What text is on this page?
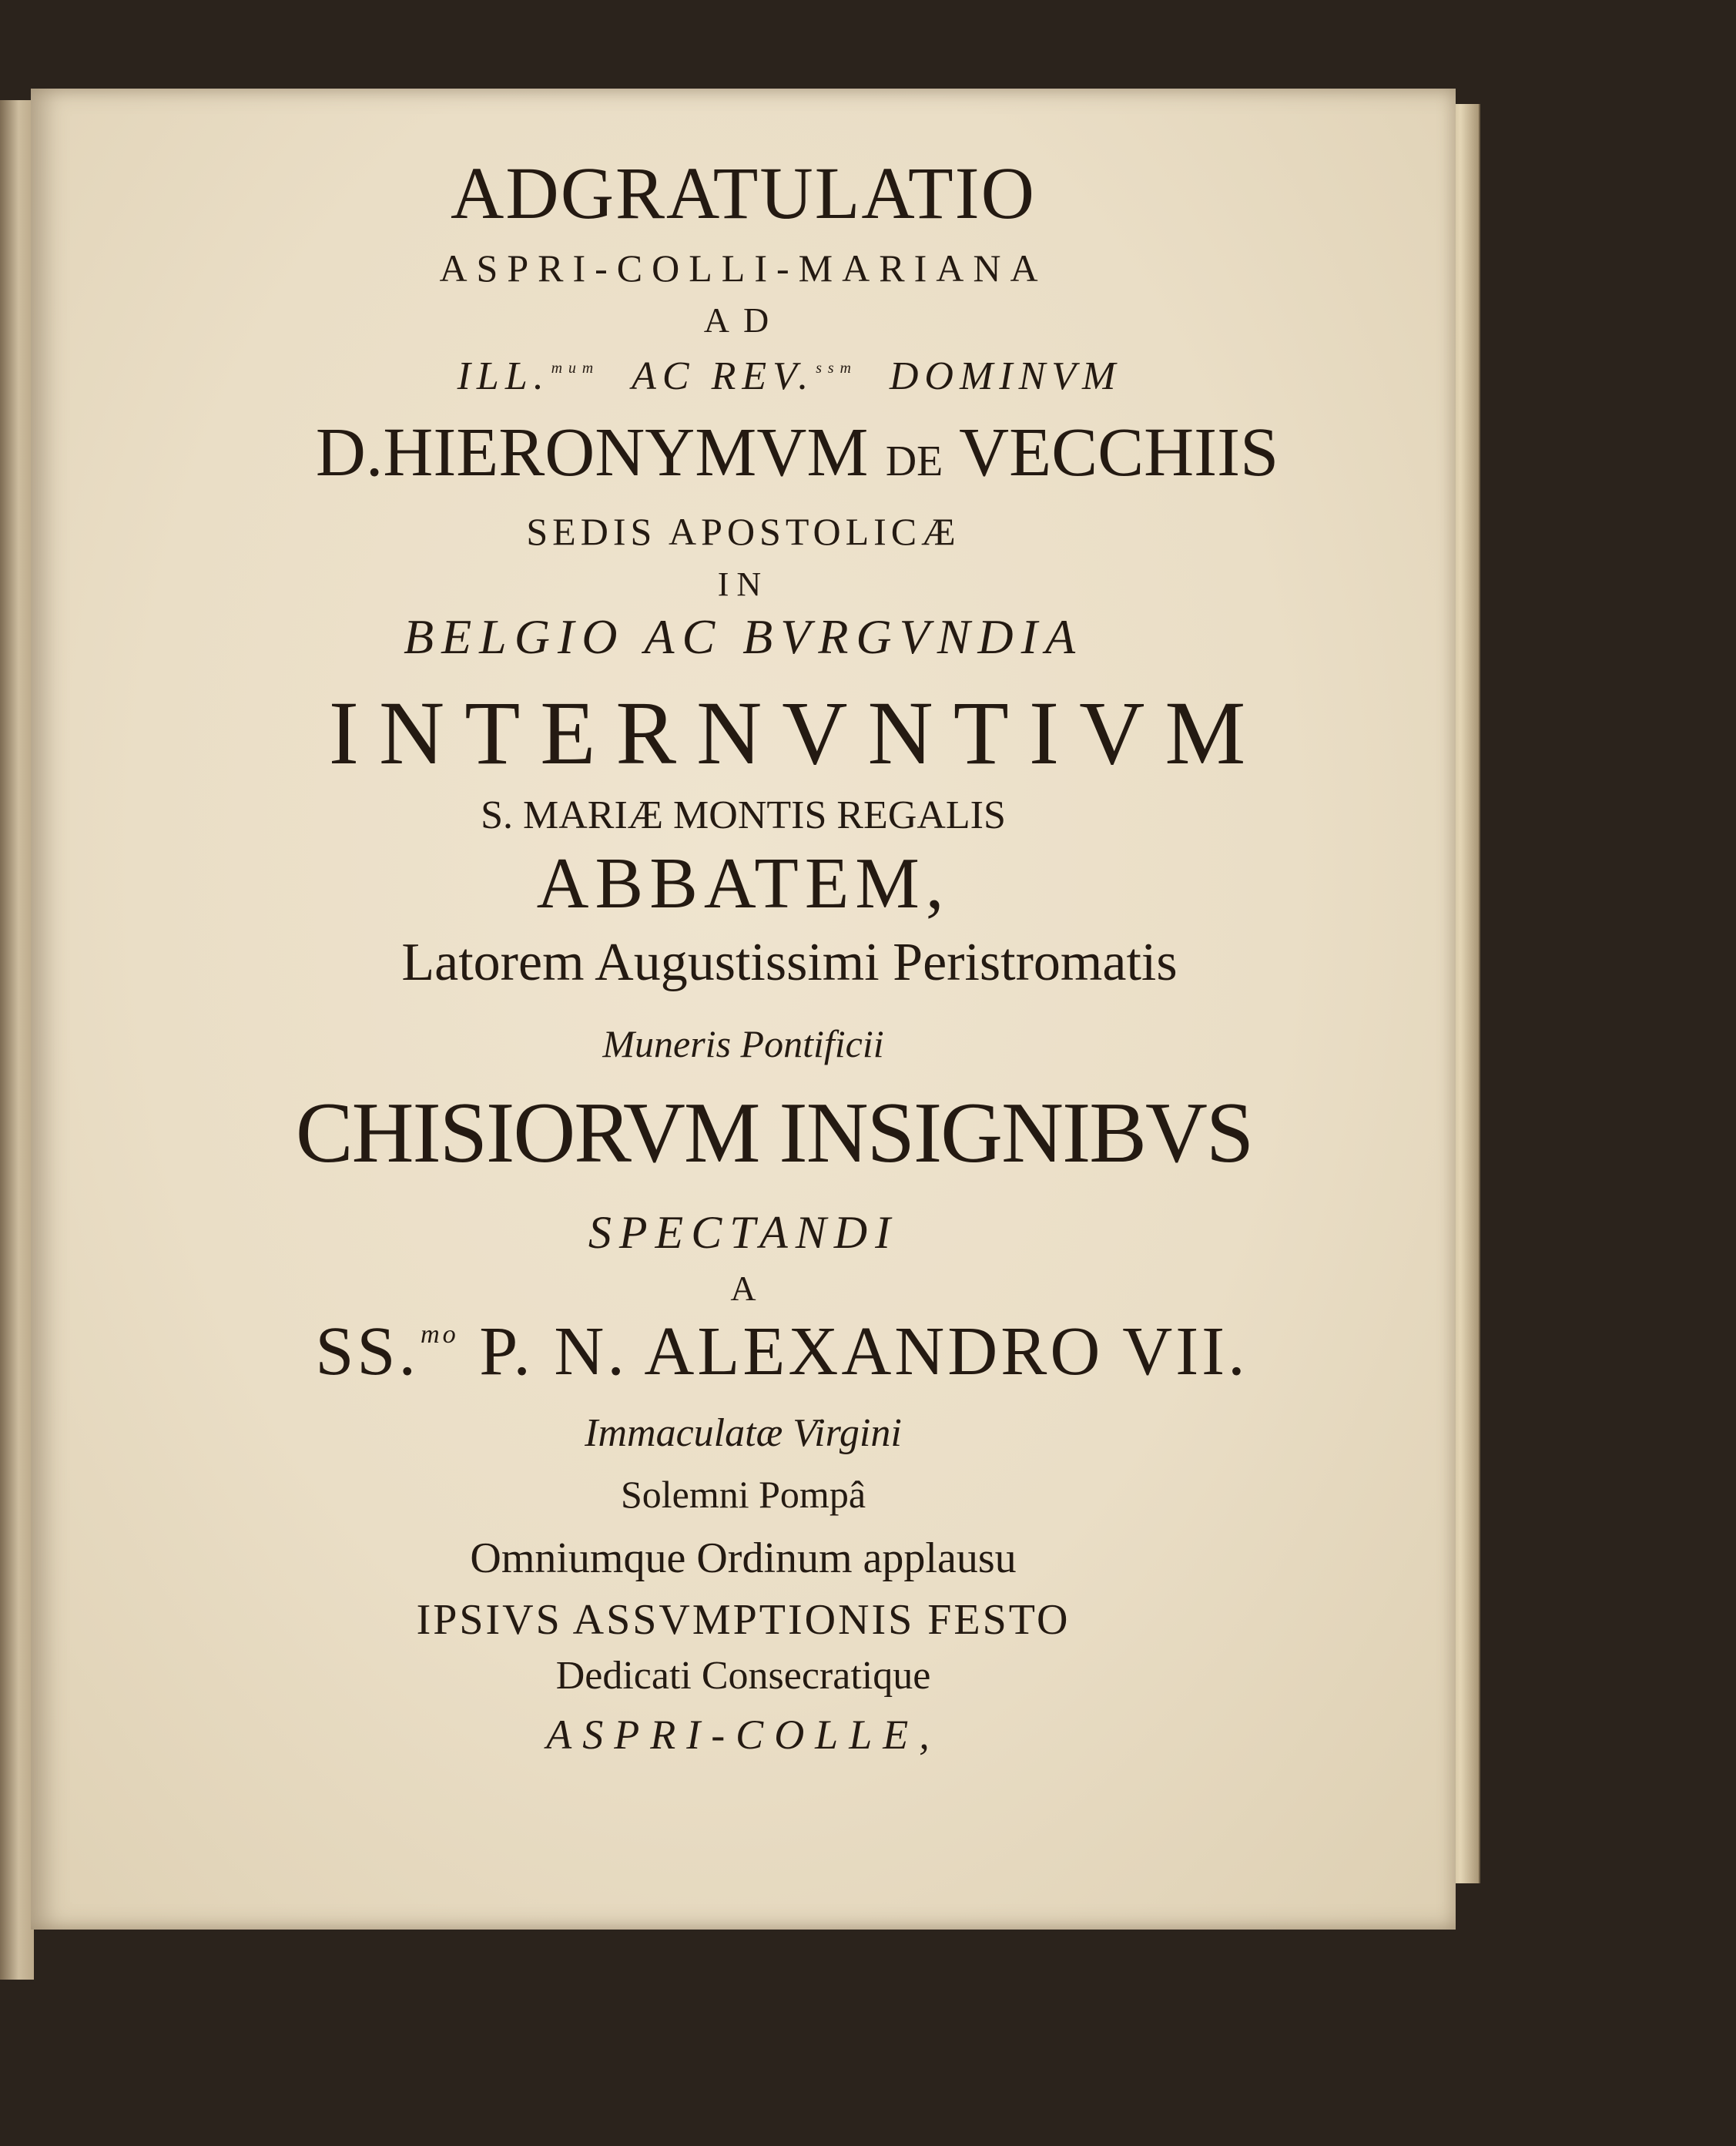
ADGRATULATIO
ASPRI-COLLI-MARIANA
AD
ILL. $^{mum}$ AC REV. $^{ssm}$ DOMINVM
D.HIERONYMVM DE VECCHIIS
SEDIS APOSTOLICÆ
IN
BELGIO AC BVRGVNDIA
INTERNVNTIVM
S. MARIÆ MONTIS REGALIS
ABBATEM,
Latorem Augustissimi Peristromatis
Muneris Pontificii
CHISIORVM INSIGNIBVS
SPECTANDI
A
SS.$^{mo}$ P. N. ALEXANDRO VII.
Immaculatæ Virgini
Solemni Pompâ
Omniumque Ordinum applausu
IPSIVS ASSVMPTIONIS FESTO
Dedicati Consecratique
ASPRI-COLLE,
